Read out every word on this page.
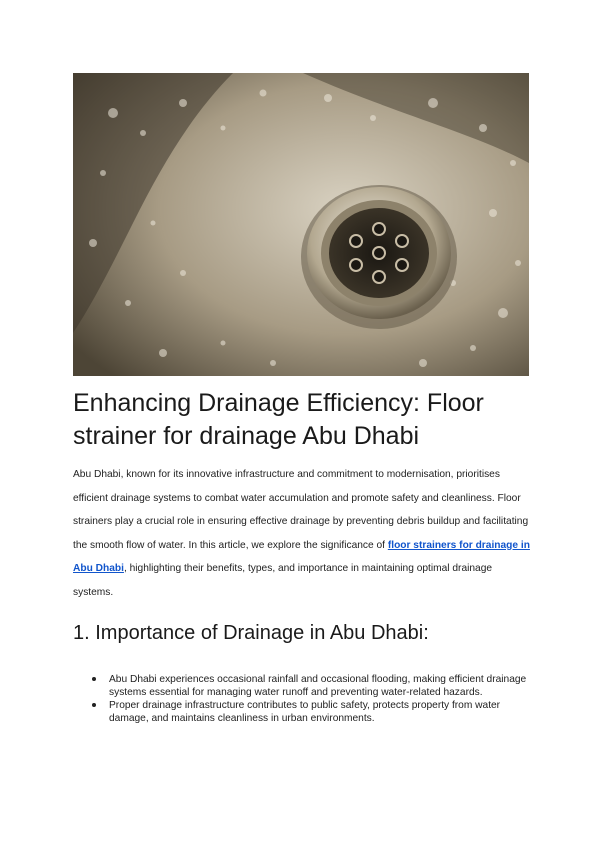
Enhancing Drainage Efficiency: Floor strainer for drainage Abu Dhabi

Abu Dhabi, known for its innovative infrastructure and commitment to modernisation, prioritises efficient drainage systems to combat water accumulation and promote safety and cleanliness. Floor strainers play a crucial role in ensuring effective drainage by preventing debris buildup and facilitating the smooth flow of water. In this article, we explore the significance of floor strainers for drainage in Abu Dhabi, highlighting their benefits, types, and importance in maintaining optimal drainage systems.

1. Importance of Drainage in Abu Dhabi:
Abu Dhabi experiences occasional rainfall and occasional flooding, making efficient drainage systems essential for managing water runoff and preventing water-related hazards.
Proper drainage infrastructure contributes to public safety, protects property from water damage, and maintains cleanliness in urban environments.
